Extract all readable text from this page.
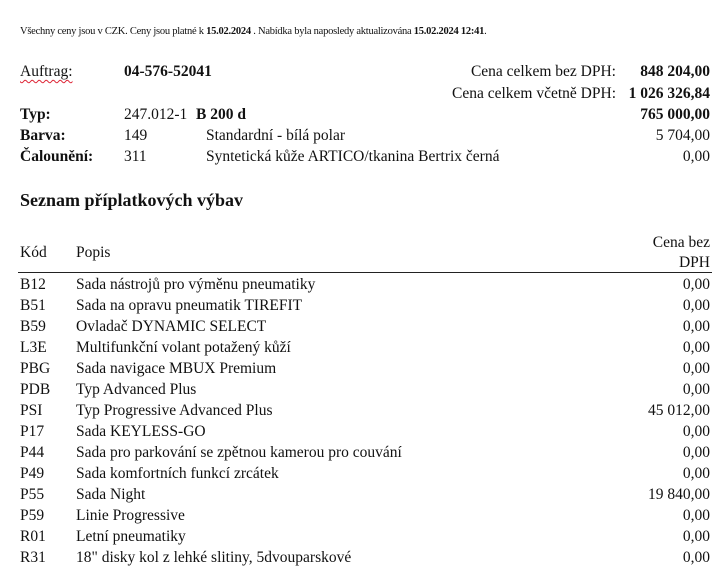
Všechny ceny jsou v CZK. Ceny jsou platné k 15.02.2024 . Nabídka byla naposledy aktualizována 15.02.2024 12:41.
Auftrag:	04-576-52041	Cena celkem bez DPH: 848 204,00
Cena celkem včetně DPH: 1 026 326,84
Typ:	247.012-1 B 200 d	765 000,00
Barva:	149	Standardní - bílá polar	5 704,00
Čalounění: 311	Syntetická kůže ARTICO/tkanina Bertrix černá	0,00
Seznam příplatkových výbav
Kód Popis
Cena bez
DPH
B12 Sada nástrojů pro výměnu pneumatiky	0,00
B51 Sada na opravu pneumatik TIREFIT	0,00
B59 Ovladač DYNAMIC SELECT	0,00
L3E Multifunkční volant potažený kůží	0,00
PBG Sada navigace MBUX Premium	0,00
PDB Typ Advanced Plus	0,00
PSI Typ Progressive Advanced Plus	45 012,00
P17 Sada KEYLESS-GO	0,00
P44 Sada pro parkování se zpětnou kamerou pro couvání	0,00
P49 Sada komfortních funkcí zrcátek	0,00
P55 Sada Night	19 840,00
P59 Linie Progressive	0,00
R01 Letní pneumatiky	0,00
R31 18" disky kol z lehké slitiny, 5dvouparskové	0,00
